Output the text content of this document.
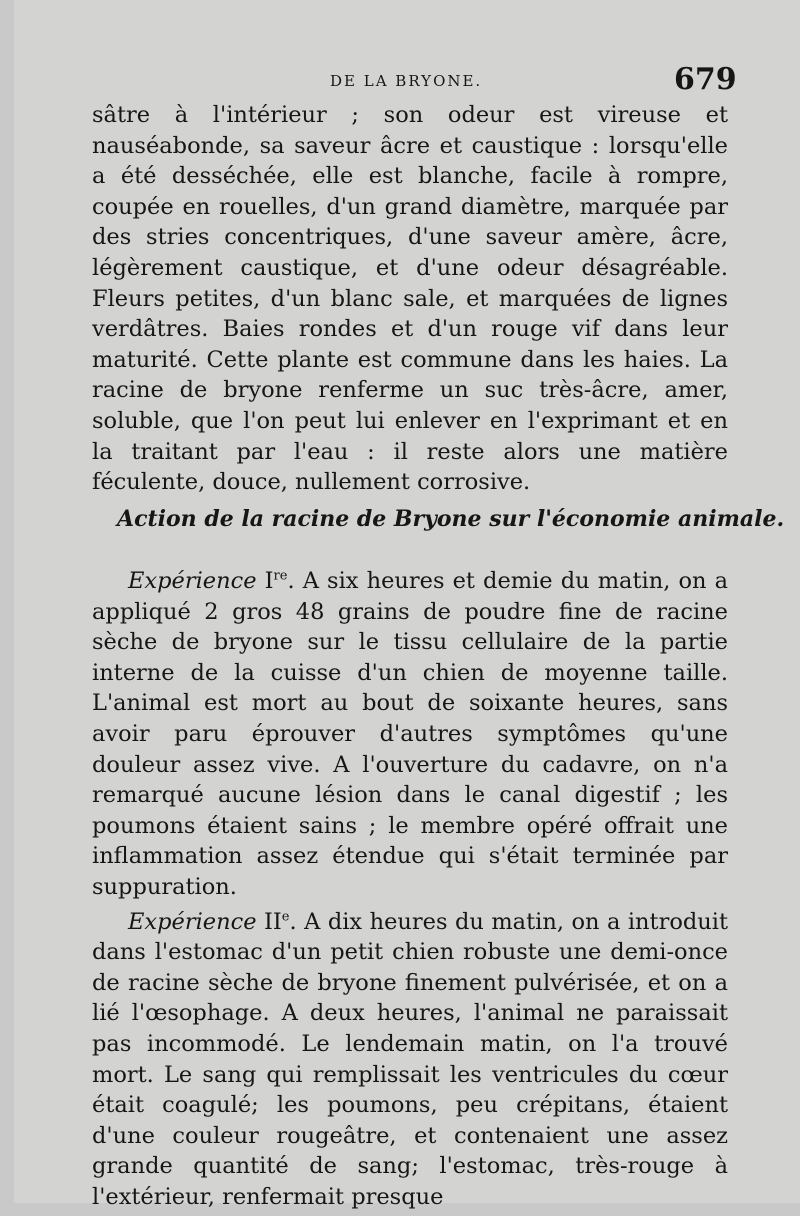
DE LA BRYONE.	679

sâtre à l'intérieur ; son odeur est vireuse et nauséabonde, sa saveur âcre et caustique : lorsqu'elle a été desséchée, elle est blanche, facile à rompre, coupée en rouelles, d'un grand diamètre, marquée par des stries concentriques, d'une saveur amère, âcre, légèrement caustique, et d'une odeur désagréable. Fleurs petites, d'un blanc sale, et marquées de lignes verdâtres. Baies rondes et d'un rouge vif dans leur maturité. Cette plante est commune dans les haies. La racine de bryone renferme un suc très-âcre, amer, soluble, que l'on peut lui enlever en l'exprimant et en la traitant par l'eau : il reste alors une matière féculente, douce, nullement corrosive.

Action de la racine de Bryone sur l'économie animale.

Expérience Ire. A six heures et demie du matin, on a appliqué 2 gros 48 grains de poudre fine de racine sèche de bryone sur le tissu cellulaire de la partie interne de la cuisse d'un chien de moyenne taille. L'animal est mort au bout de soixante heures, sans avoir paru éprouver d'autres symptômes qu'une douleur assez vive. A l'ouverture du cadavre, on n'a remarqué aucune lésion dans le canal digestif ; les poumons étaient sains ; le membre opéré offrait une inflammation assez étendue qui s'était terminée par suppuration.

Expérience IIe. A dix heures du matin, on a introduit dans l'estomac d'un petit chien robuste une demi-once de racine sèche de bryone finement pulvérisée, et on a lié l'œsophage. A deux heures, l'animal ne paraissait pas incommodé. Le lendemain matin, on l'a trouvé mort. Le sang qui remplissait les ventricules du cœur était coagulé; les poumons, peu crépitans, étaient d'une couleur rougeâtre, et contenaient une assez grande quantité de sang; l'estomac, très-rouge à l'extérieur, renfermait presque
